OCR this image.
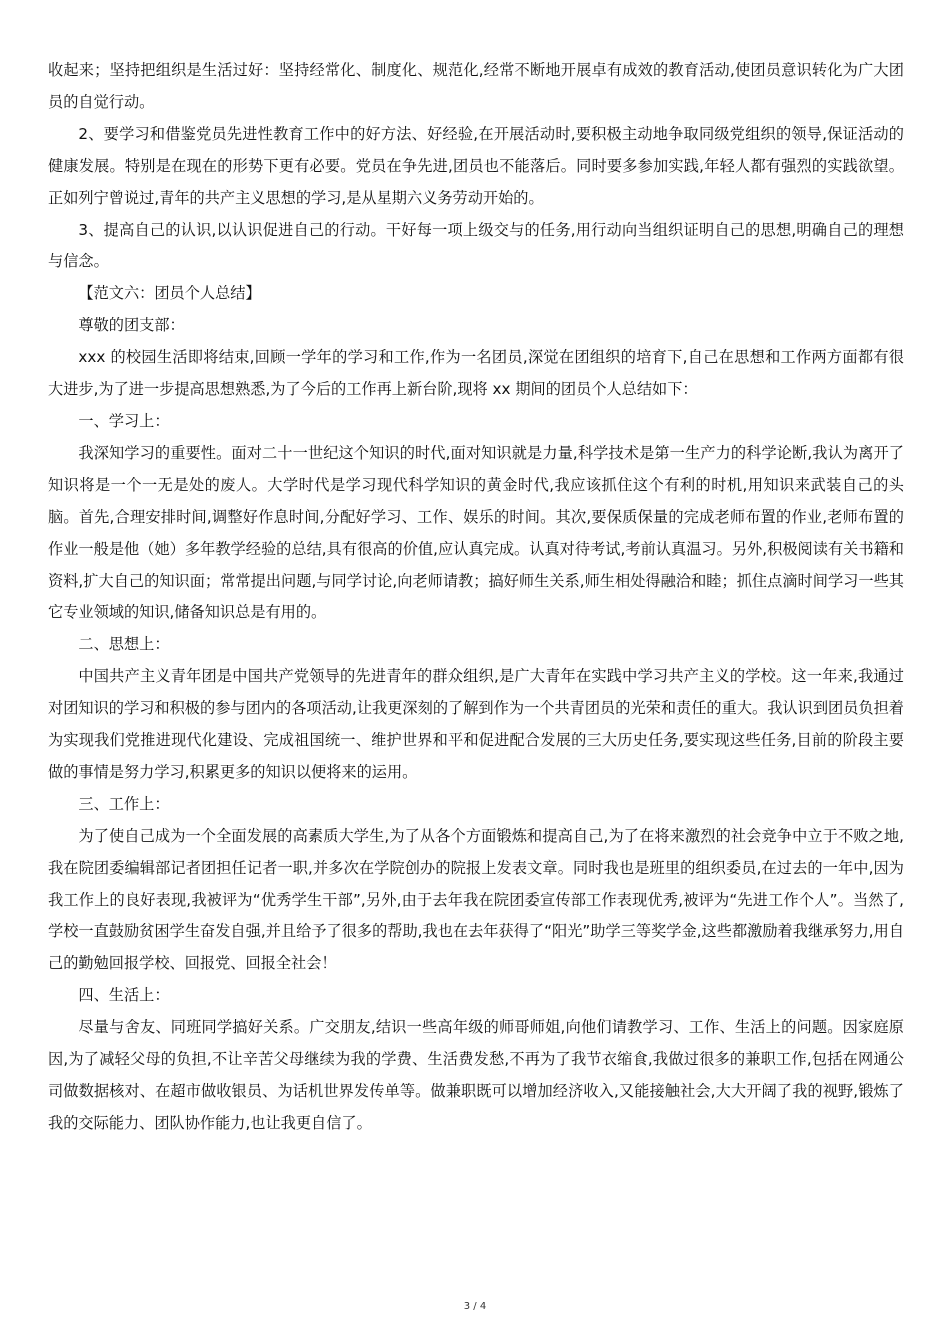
收起来；坚持把组织是生活过好：坚持经常化、制度化、规范化,经常不断地开展卓有成效的教育活动,使团员意识转化为广大团员的自觉行动。

2、要学习和借鉴党员先进性教育工作中的好方法、好经验,在开展活动时,要积极主动地争取同级党组织的领导,保证活动的健康发展。特别是在现在的形势下更有必要。党员在争先进,团员也不能落后。同时要多参加实践,年轻人都有强烈的实践欲望。正如列宁曾说过,青年的共产主义思想的学习,是从星期六义务劳动开始的。

3、提高自己的认识,以认识促进自己的行动。干好每一项上级交与的任务,用行动向当组织证明自己的思想,明确自己的理想与信念。

【范文六：团员个人总结】

尊敬的团支部：

xxx 的校园生活即将结束,回顾一学年的学习和工作,作为一名团员,深觉在团组织的培育下,自己在思想和工作两方面都有很大进步,为了进一步提高思想熟悉,为了今后的工作再上新台阶,现将 xx 期间的团员个人总结如下：

一、学习上：

我深知学习的重要性。面对二十一世纪这个知识的时代,面对知识就是力量,科学技术是第一生产力的科学论断,我认为离开了知识将是一个一无是处的废人。大学时代是学习现代科学知识的黄金时代,我应该抓住这个有利的时机,用知识来武装自己的头脑。首先,合理安排时间,调整好作息时间,分配好学习、工作、娱乐的时间。其次,要保质保量的完成老师布置的作业,老师布置的作业一般是他（她）多年教学经验的总结,具有很高的价值,应认真完成。认真对待考试,考前认真温习。另外,积极阅读有关书籍和资料,扩大自己的知识面；常常提出问题,与同学讨论,向老师请教；搞好师生关系,师生相处得融洽和睦；抓住点滴时间学习一些其它专业领域的知识,储备知识总是有用的。

二、思想上：

中国共产主义青年团是中国共产党领导的先进青年的群众组织,是广大青年在实践中学习共产主义的学校。这一年来,我通过对团知识的学习和积极的参与团内的各项活动,让我更深刻的了解到作为一个共青团员的光荣和责任的重大。我认识到团员负担着为实现我们党推进现代化建设、完成祖国统一、维护世界和平和促进配合发展的三大历史任务,要实现这些任务,目前的阶段主要做的事情是努力学习,积累更多的知识以便将来的运用。

三、工作上：

为了使自己成为一个全面发展的高素质大学生,为了从各个方面锻炼和提高自己,为了在将来激烈的社会竞争中立于不败之地,我在院团委编辑部记者团担任记者一职,并多次在学院创办的院报上发表文章。同时我也是班里的组织委员,在过去的一年中,因为我工作上的良好表现,我被评为“优秀学生干部”,另外,由于去年我在院团委宣传部工作表现优秀,被评为“先进工作个人”。当然了,学校一直鼓励贫困学生奋发自强,并且给予了很多的帮助,我也在去年获得了“阳光”助学三等奖学金,这些都激励着我继承努力,用自己的勤勉回报学校、回报党、回报全社会！

四、生活上：

尽量与舍友、同班同学搞好关系。广交朋友,结识一些高年级的师哥师姐,向他们请教学习、工作、生活上的问题。因家庭原因,为了减轻父母的负担,不让辛苦父母继续为我的学费、生活费发愁,不再为了我节衣缩食,我做过很多的兼职工作,包括在网通公司做数据核对、在超市做收银员、为话机世界发传单等。做兼职既可以增加经济收入,又能接触社会,大大开阔了我的视野,锻炼了我的交际能力、团队协作能力,也让我更自信了。

3 / 4
